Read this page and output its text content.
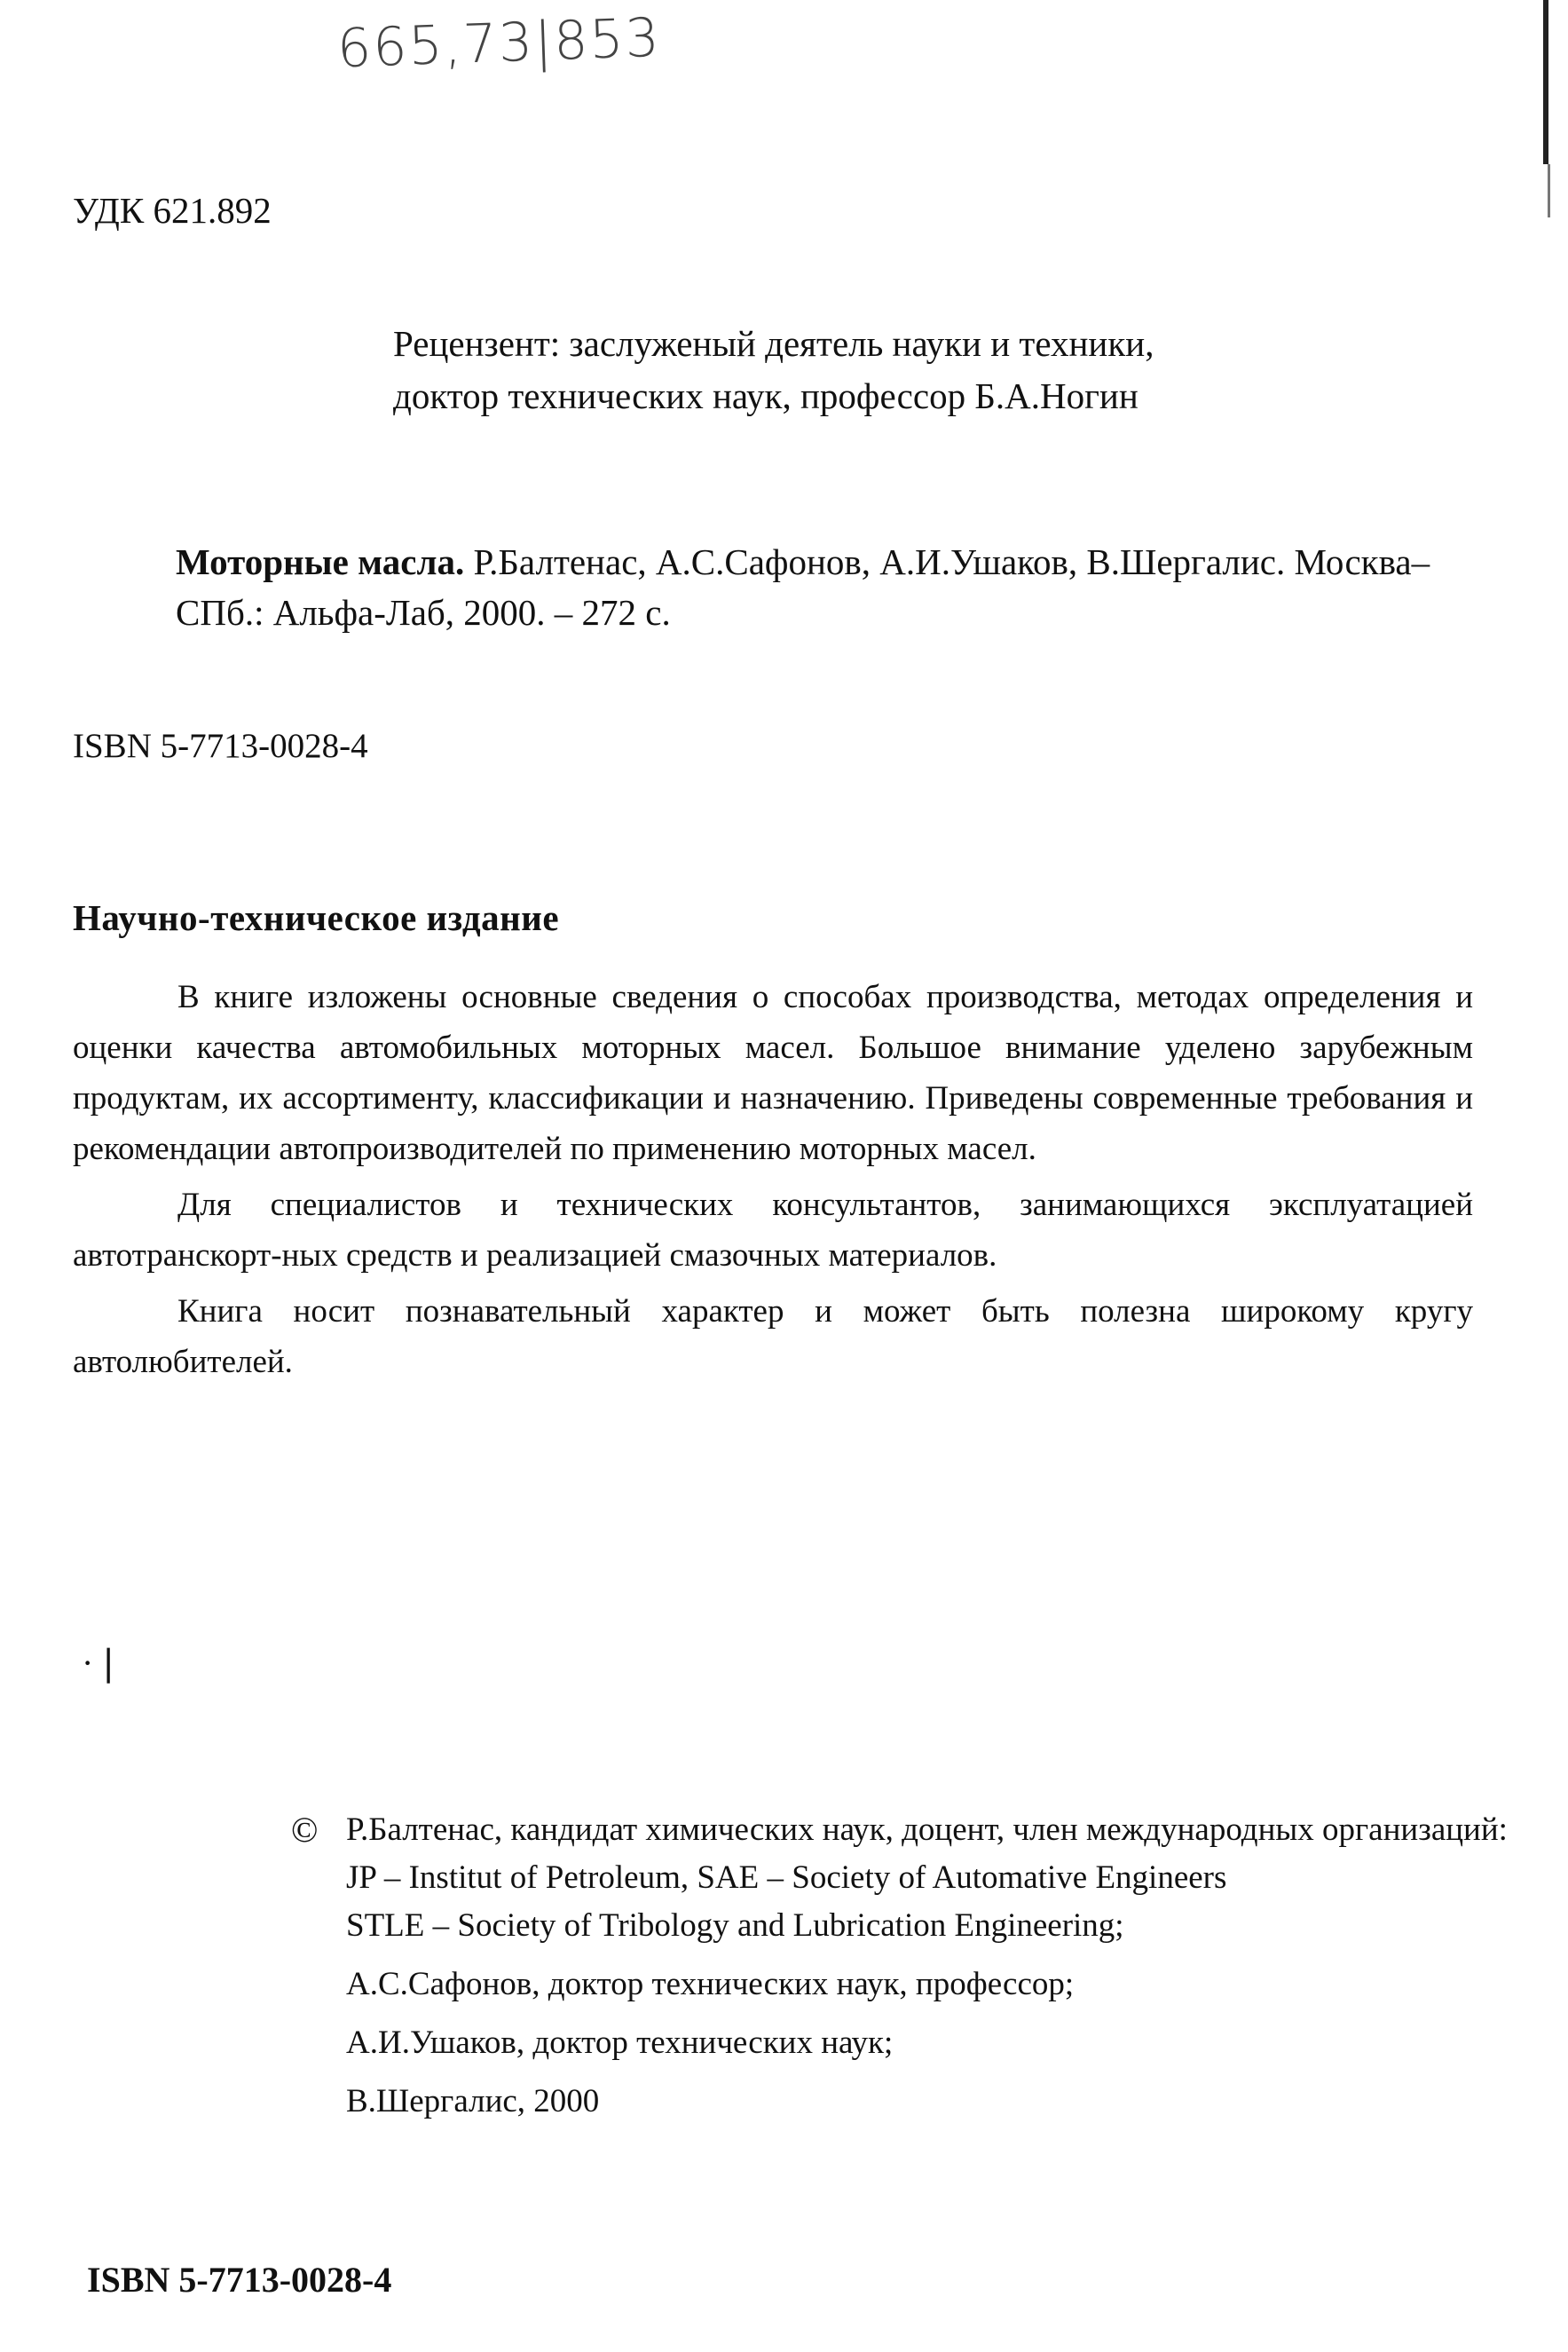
665,73|853
УДК 621.892
Рецензент: заслуженый деятель науки и техники,
доктор технических наук, профессор Б.А.Ногин
Моторные масла. Р.Балтенас, А.С.Сафонов, А.И.Ушаков, В.Шергалис. Москва–СПб.: Альфа-Лаб, 2000. – 272 с.
ISBN 5-7713-0028-4
Научно-техническое издание

В книге изложены основные сведения о способах производства, методах определения и оценки качества автомобильных моторных масел. Большое внимание уделено зарубежным продуктам, их ассортименту, классификации и назначению. Приведены современные требования и рекомендации автопроизводителей по применению моторных масел.

Для специалистов и технических консультантов, занимающихся эксплуатацией автотранскорт-ных средств и реализацией смазочных материалов.

Книга носит познавательный характер и может быть полезна широкому кругу автолюбителей.

·❘
© Р.Балтенас, кандидат химических наук, доцент, член международных организаций:
JP – Institut of Petroleum, SAE – Society of Automative Engineers
STLE – Society of Tribology and Lubrication Engineering;
А.С.Сафонов, доктор технических наук, профессор;
А.И.Ушаков, доктор технических наук;
В.Шергалис, 2000
ISBN 5-7713-0028-4
